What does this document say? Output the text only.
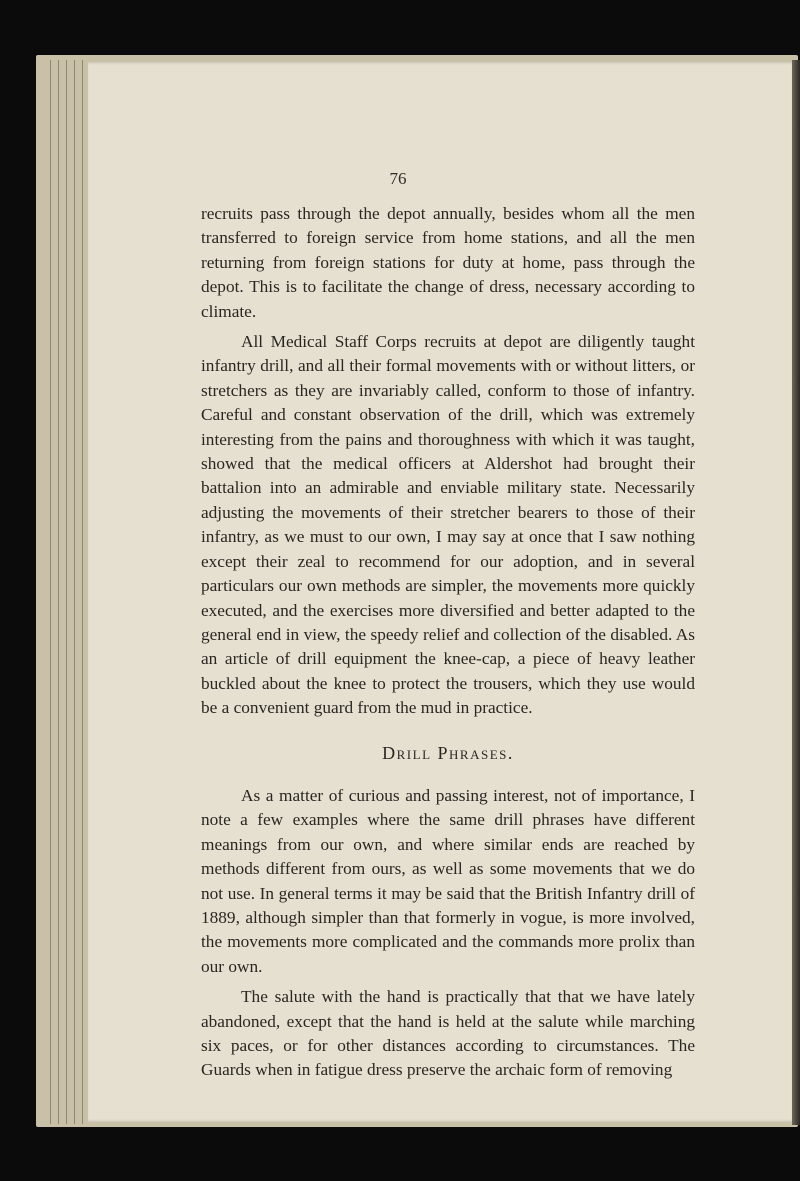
76

recruits pass through the depot annually, besides whom all the men transferred to foreign service from home stations, and all the men returning from foreign stations for duty at home, pass through the depot. This is to facilitate the change of dress, necessary according to climate.

All Medical Staff Corps recruits at depot are diligently taught infantry drill, and all their formal movements with or without litters, or stretchers as they are invariably called, conform to those of infantry. Careful and constant observation of the drill, which was extremely interesting from the pains and thoroughness with which it was taught, showed that the medical officers at Aldershot had brought their battalion into an admirable and enviable military state. Necessarily adjusting the movements of their stretcher bearers to those of their infantry, as we must to our own, I may say at once that I saw nothing except their zeal to recommend for our adoption, and in several particulars our own methods are simpler, the movements more quickly executed, and the exercises more diversified and better adapted to the general end in view, the speedy relief and collection of the disabled. As an article of drill equipment the knee-cap, a piece of heavy leather buckled about the knee to protect the trousers, which they use would be a convenient guard from the mud in practice.

Drill Phrases.

As a matter of curious and passing interest, not of importance, I note a few examples where the same drill phrases have different meanings from our own, and where similar ends are reached by methods different from ours, as well as some movements that we do not use. In general terms it may be said that the British Infantry drill of 1889, although simpler than that formerly in vogue, is more involved, the movements more complicated and the commands more prolix than our own.

The salute with the hand is practically that that we have lately abandoned, except that the hand is held at the salute while marching six paces, or for other distances according to circumstances. The Guards when in fatigue dress preserve the archaic form of removing
